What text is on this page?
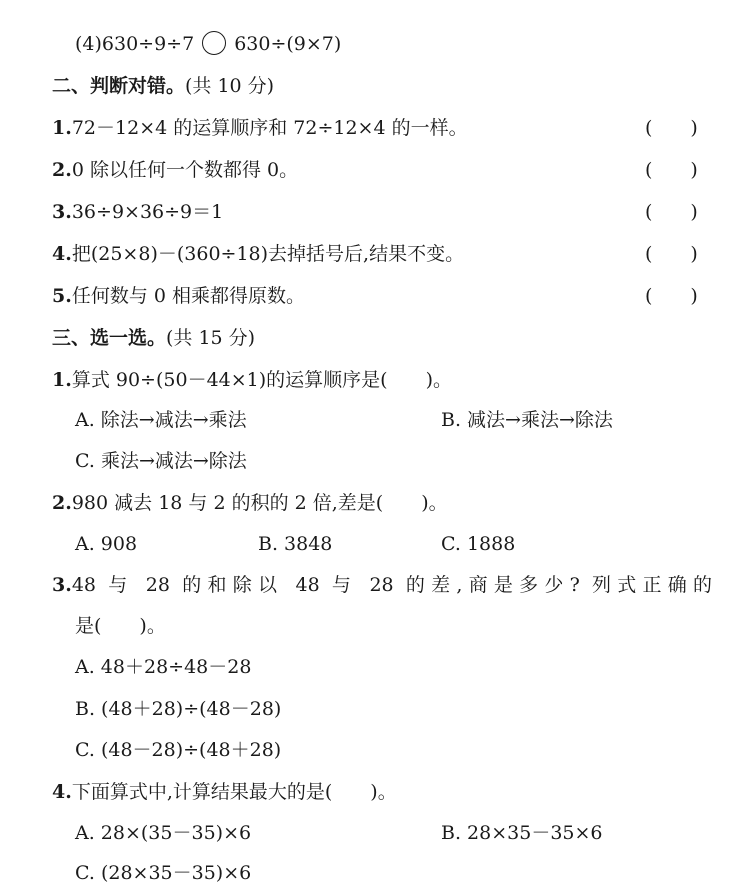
(4)630÷9÷7 630÷(9×7)
二、判断对错。(共 10 分)
1.72－12×4 的运算顺序和 72÷12×4 的一样。	(　　)
2.0 除以任何一个数都得 0。	(　　)
3.36÷9×36÷9＝1	(　　)
4.把(25×8)－(360÷18)去掉括号后,结果不变。	(　　)
5.任何数与 0 相乘都得原数。	(　　)
三、选一选。(共 15 分)
1.算式 90÷(50－44×1)的运算顺序是(　　)。
A. 除法→减法→乘法	B. 减法→乘法→除法
C. 乘法→减法→除法
2.980 减去 18 与 2 的积的 2 倍,差是(　　)。
A. 908	B. 3848	C. 1888
3.48 与 28 的和除以 48 与 28 的差,商是多少? 列式正确的
是(　　)。
A. 48＋28÷48－28
B. (48＋28)÷(48－28)
C. (48－28)÷(48＋28)
4.下面算式中,计算结果最大的是(　　)。
A. 28×(35－35)×6	B. 28×35－35×6
C. (28×35－35)×6
